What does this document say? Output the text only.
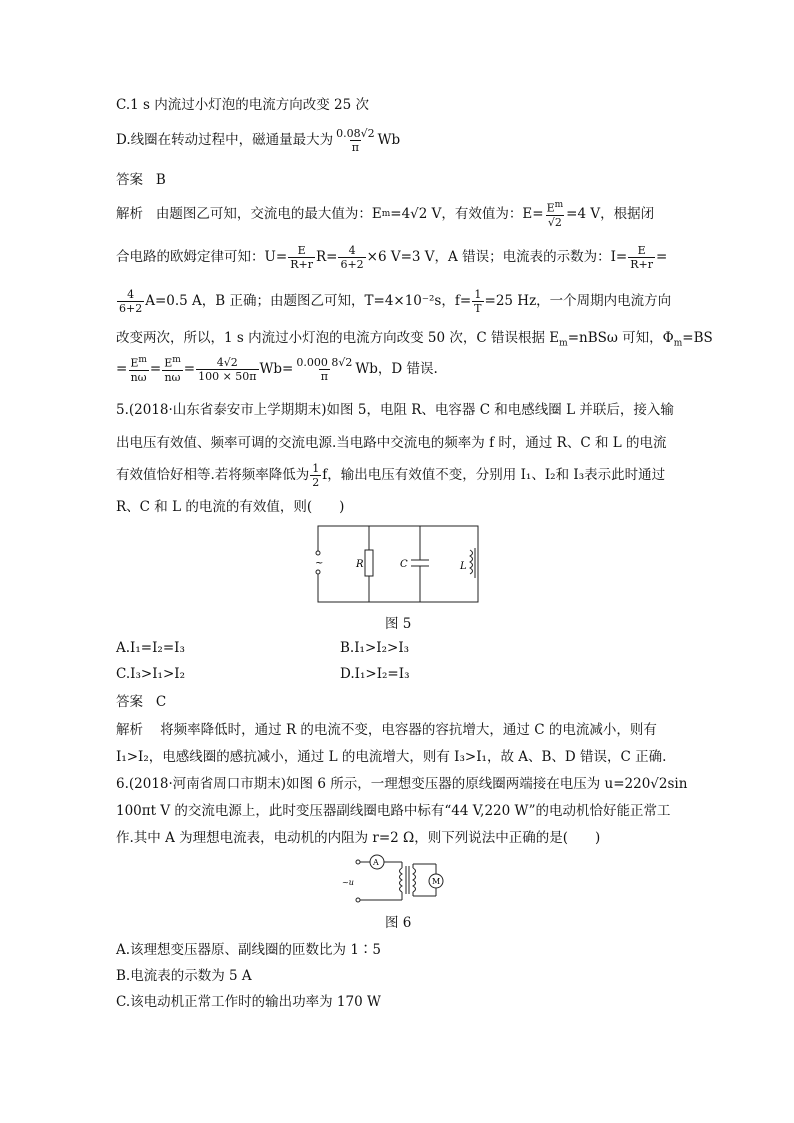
C.1 s 内流过小灯泡的电流方向改变 25 次
D.线圈在转动过程中，磁通量最大为 $\frac{0.08√2}{\pi}$ Wb
答案 B
解析
由题图乙可知，交流电的最大值为：E m =4√2 V，有效值为：$E= \frac{E^m}{√2} =4$ V，根据闭
合电路的欧姆定律可知：$U= \frac{E}{R+r} R= \frac{4}{6+2} \times 6$ V=3 V，A 错误；电流表的示数为：$I= \frac{E}{R+r}$ =
$\frac{4}{6+2} A=0.5$ A，B 正确；由题图乙可知，T=4×10⁻²s，$f= \frac{1}{T} =25$ Hz，一个周期内电流方向
改变两次，所以，1 s 内流过小灯泡的电流方向改变 50 次，C 错误根据 $E_m=nBS\omega$ 可知，$\Phi_m=BS$
= $\frac{E^m}{n\omega} = \frac{E^m}{n\omega} = \frac{4√2}{100 \times 50\pi} Wb= \frac{0.000 8√2}{\pi}$ Wb，D 错误.
5.(2018·山东省泰安市上学期期末)如图 5，电阻 R、电容器 C 和电感线圈 L 并联后，接入输
出电压有效值、频率可调的交流电源.当电路中交流电的频率为 f 时，通过 R、C 和 L 的电流
有效值恰好相等.若将频率降低为 $\frac{1}{2}$ f，输出电压有效值不变，分别用 I₁、I₂和 I₃表示此时通过
R、C 和 L 的电流的有效值，则(　　)
~	R	C	L
图 5
A.I₁=I₂=I₃	B.I₁>I₂>I₃
C.I₃>I₁>I₂	D.I₁>I₂=I₃
答案 C
解析 将频率降低时，通过 R 的电流不变，电容器的容抗增大，通过 C 的电流减小，则有
I₁>I₂，电感线圈的感抗减小，通过 L 的电流增大，则有 I₃>I₁，故 A、B、D 错误，C 正确.
6.(2018·河南省周口市期末)如图 6 所示，一理想变压器的原线圈两端接在电压为 u=220√2sin
100πt V 的交流电源上，此时变压器副线圈电路中标有“44 V,220 W”的电动机恰好能正常工
作.其中 A 为理想电流表，电动机的内阻为 r=2 Ω，则下列说法中正确的是(　　)
A
M
~u
图 6
A.该理想变压器原、副线圈的匝数比为 1∶5
B.电流表的示数为 5 A
C.该电动机正常工作时的输出功率为 170 W
